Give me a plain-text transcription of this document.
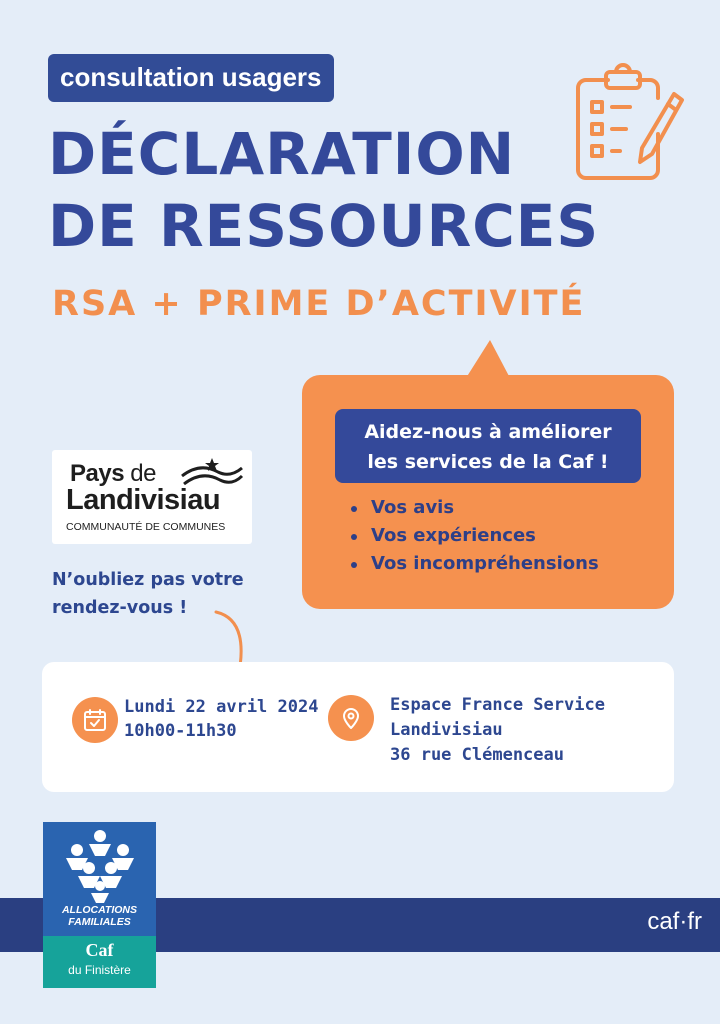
consultation usagers
DÉCLARATION
DE RESSOURCES
RSA + PRIME D’ACTIVITÉ
Aidez-nous à améliorer
les services de la Caf !
Vos avis
Vos expériences
Vos incompréhensions
Pays de
Landivisiau
COMMUNAUTÉ DE COMMUNES
N’oubliez pas votre
rendez-vous !
Lundi 22 avril 2024
10h00-11h30
Espace France Service
Landivisiau
36 rue Clémenceau
caf·fr
ALLOCATIONS
FAMILIALES
Caf
du Finistère
